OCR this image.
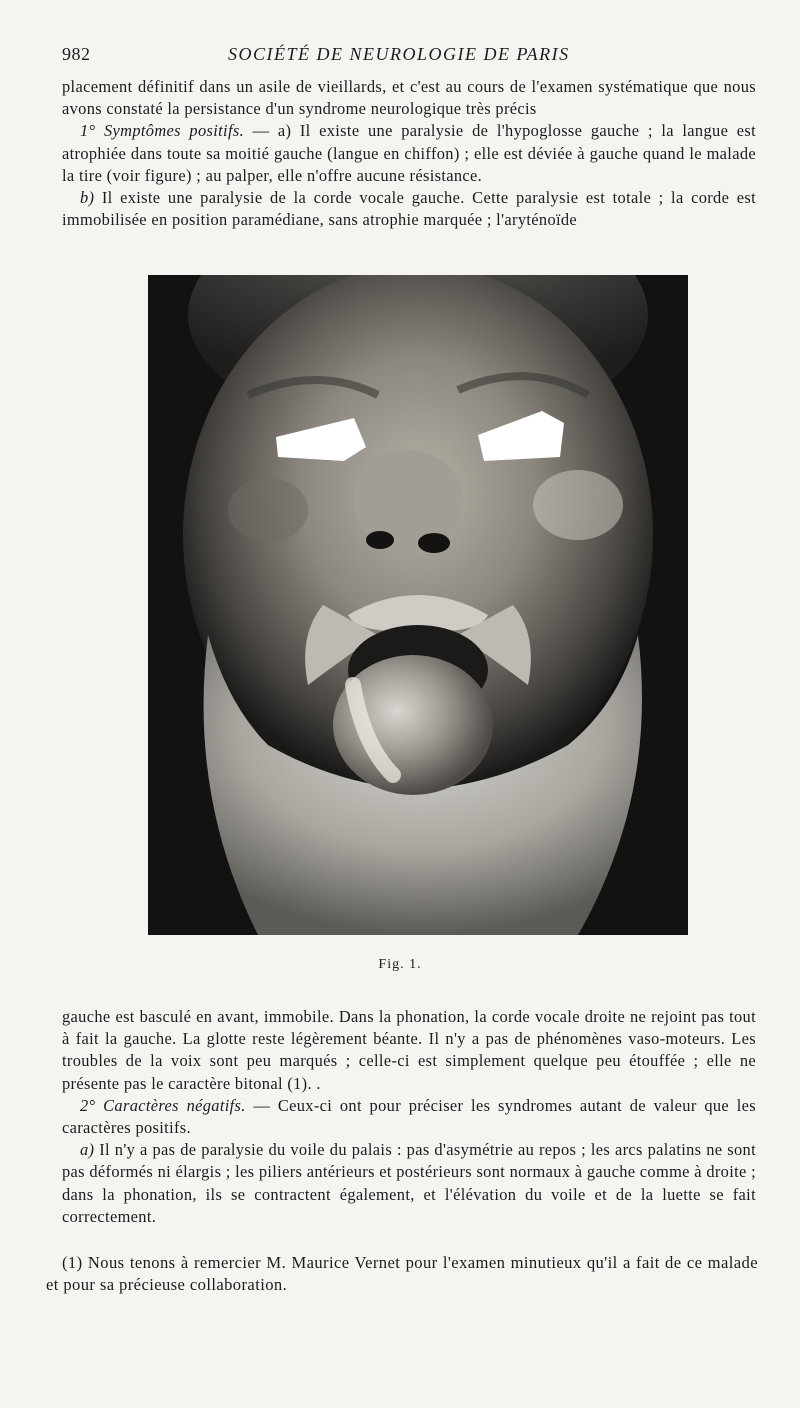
982	SOCIÉTÉ DE NEUROLOGIE DE PARIS

placement définitif dans un asile de vieillards, et c'est au cours de l'examen systématique que nous avons constaté la persistance d'un syndrome neurologique très précis

1° Symptômes positifs. — a) Il existe une paralysie de l'hypoglosse gauche ; la langue est atrophiée dans toute sa moitié gauche (langue en chiffon) ; elle est déviée à gauche quand le malade la tire (voir figure) ; au palper, elle n'offre aucune résistance.

b) Il existe une paralysie de la corde vocale gauche. Cette paralysie est totale ; la corde est immobilisée en position paramédiane, sans atrophie marquée ; l'aryténoïde

Fig. 1.

gauche est basculé en avant, immobile. Dans la phonation, la corde vocale droite ne rejoint pas tout à fait la gauche. La glotte reste légèrement béante. Il n'y a pas de phénomènes vaso-moteurs. Les troubles de la voix sont peu marqués ; celle-ci est simplement quelque peu étouffée ; elle ne présente pas le caractère bitonal (1). .

2° Caractères négatifs. — Ceux-ci ont pour préciser les syndromes autant de valeur que les caractères positifs.

a) Il n'y a pas de paralysie du voile du palais : pas d'asymétrie au repos ; les arcs palatins ne sont pas déformés ni élargis ; les piliers antérieurs et postérieurs sont normaux à gauche comme à droite ; dans la phonation, ils se contractent également, et l'élévation du voile et de la luette se fait correctement.

(1) Nous tenons à remercier M. Maurice Vernet pour l'examen minutieux qu'il a fait de ce malade et pour sa précieuse collaboration.
